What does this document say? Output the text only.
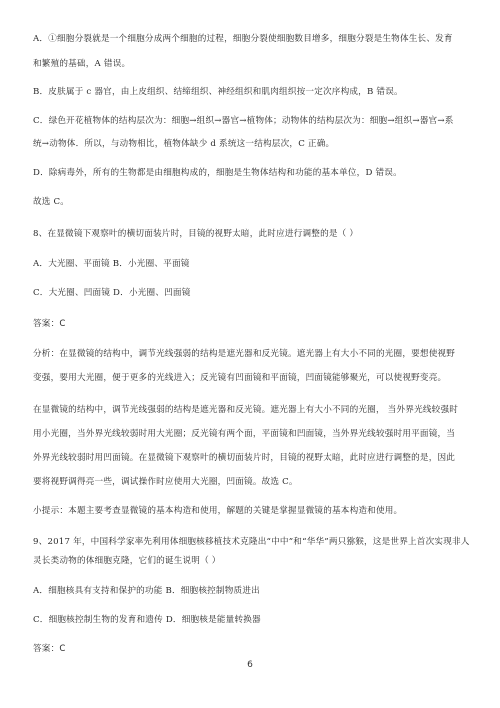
A．①细胞分裂就是一个细胞分成两个细胞的过程，细胞分裂使细胞数目增多，细胞分裂是生物体生长、发育
和繁殖的基础，A 错误。
B．皮肤属于 c 器官，由上皮组织、结缔组织、神经组织和肌肉组织按一定次序构成，B 错误。
C．绿色开花植物体的结构层次为：细胞→组织→器官→植物体；动物体的结构层次为：细胞→组织→器官→系
统→动物体．所以，与动物相比，植物体缺少 d 系统这一结构层次，C 正确。
D．除病毒外，所有的生物都是由细胞构成的，细胞是生物体结构和功能的基本单位，D 错误。
故选 C。
8、在显微镜下观察叶的横切面装片时，目镜的视野太暗，此时应进行调整的是（ ）
A．大光圈、平面镜 B．小光圈、平面镜
C．大光圈、凹面镜 D．小光圈、凹面镜
答案：C
分析：在显微镜的结构中，调节光线强弱的结构是遮光器和反光镜。遮光器上有大小不同的光圈，要想使视野
变强，要用大光圈，便于更多的光线进入；反光镜有凹面镜和平面镜，凹面镜能够聚光，可以使视野变亮。
在显微镜的结构中，调节光线强弱的结构是遮光器和反光镜。遮光器上有大小不同的光圈， 当外界光线较强时
用小光圈，当外界光线较弱时用大光圈；反光镜有两个面，平面镜和凹面镜，当外界光线较强时用平面镜，当
外界光线较弱时用凹面镜。在显微镜下观察叶的横切面装片时，目镜的视野太暗，此时应进行调整的是，因此
要将视野调得亮一些，调试操作时应使用大光圈，凹面镜。故选 C。
小提示：本题主要考查显微镜的基本构造和使用，解题的关键是掌握显微镜的基本构造和使用。
9、2017 年，中国科学家率先利用体细胞核移植技术克隆出“中中”和“华华”两只猕猴，这是世界上首次实现非人
灵长类动物的体细胞克隆，它们的诞生说明（ ）
A．细胞核具有支持和保护的功能 B．细胞核控制物质进出
C．细胞核控制生物的发育和遗传 D．细胞核是能量转换器
答案：C
6
